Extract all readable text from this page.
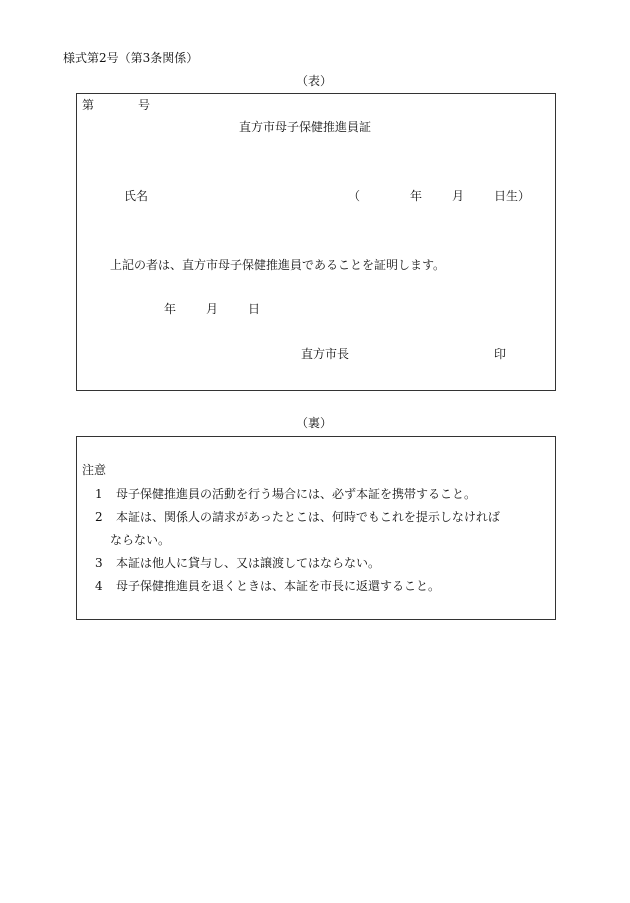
様式第2号（第3条関係）
（表）
第	号
直方市母子保健推進員証
氏名	（	年 月 日生）
上記の者は、直方市母子保健推進員であることを証明します。
年 月 日
直方市長	印
（裏）
注意
1 母子保健推進員の活動を行う場合には、必ず本証を携帯すること。
2 本証は、関係人の請求があったとこは、何時でもこれを提示しなければ
ならない。
3 本証は他人に貸与し、又は譲渡してはならない。
4 母子保健推進員を退くときは、本証を市長に返還すること。
